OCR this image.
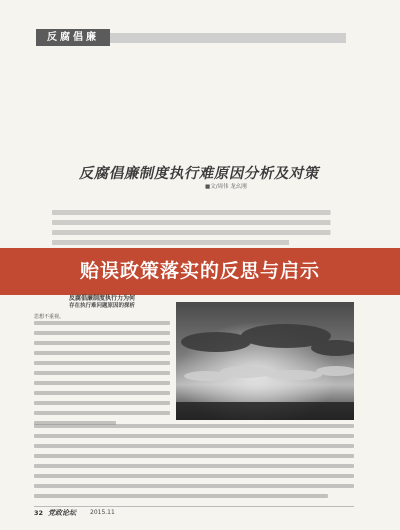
反腐倡廉
反腐倡廉制度执行难原因分析及对策
■文/周伟 龙幺刚
贻误政策落实的反思与启示
反腐倡廉制度执行力为何
存在执行难问题原因的探析
思想不重视。
32 党政论坛 2015.11
